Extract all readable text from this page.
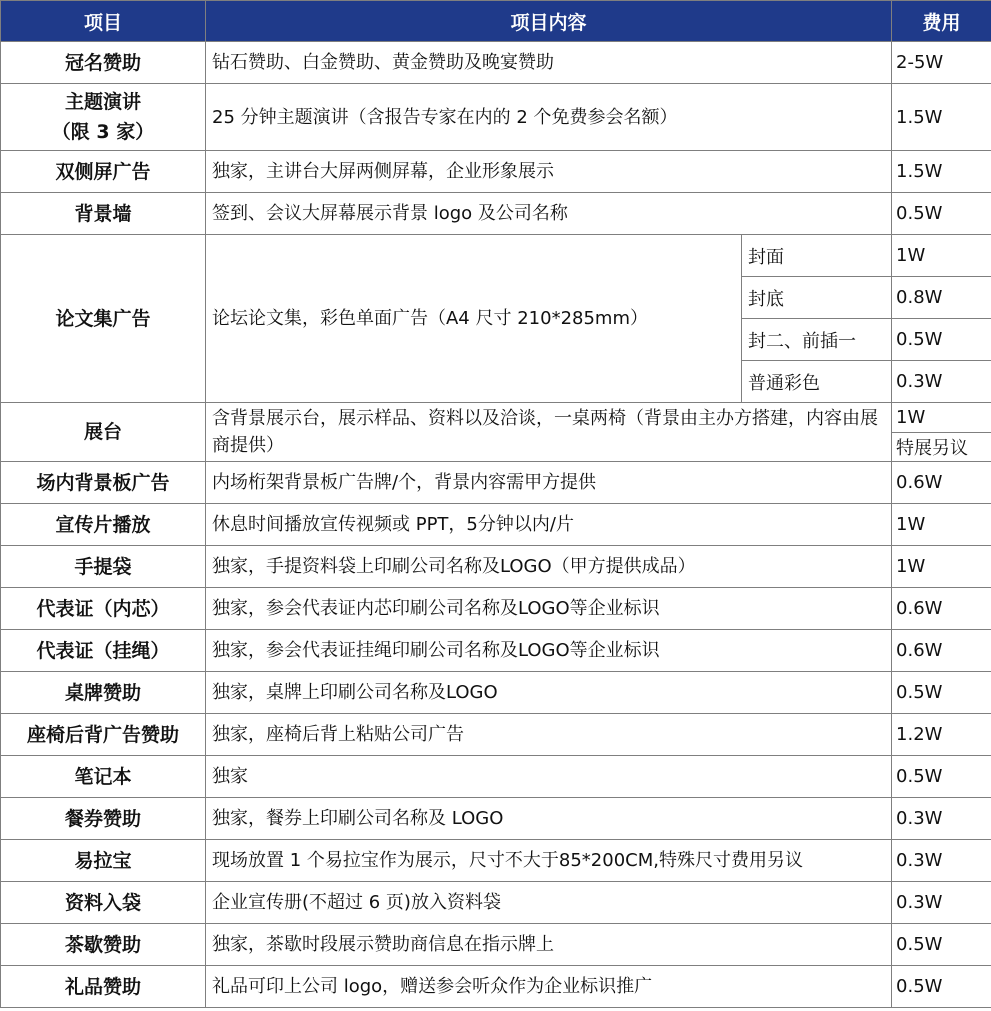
项目	项目内容		费用
冠名赞助	钻石赞助、白金赞助、黄金赞助及晚宴赞助		2-5W

主题演讲
（限 3 家）	25 分钟主题演讲（含报告专家在内的 2 个免费参会名额）		1.5W
双侧屏广告	独家，主讲台大屏两侧屏幕，企业形象展示		1.5W
背景墙	签到、会议大屏幕展示背景 logo 及公司名称		0.5W
论文集广告	论坛论文集，彩色单面广告（A4 尺寸 210*285mm）	封面	1W
		封底	0.8W
		封二、前插一	0.5W
		普通彩色	0.3W
展台	含背景展示台，展示样品、资料以及洽谈，一桌两椅（背景由主办方搭建，内容由展商提供）		1W
			特展另议
场内背景板广告	内场桁架背景板广告牌/个，背景内容需甲方提供		0.6W
宣传片播放	休息时间播放宣传视频或 PPT，5分钟以内/片		1W
手提袋	独家，手提资料袋上印刷公司名称及LOGO（甲方提供成品）		1W
代表证（内芯）	独家，参会代表证内芯印刷公司名称及LOGO等企业标识		0.6W
代表证（挂绳）	独家，参会代表证挂绳印刷公司名称及LOGO等企业标识		0.6W
桌牌赞助	独家，桌牌上印刷公司名称及LOGO		0.5W
座椅后背广告赞助	独家，座椅后背上粘贴公司广告		1.2W
笔记本	独家		0.5W
餐券赞助	独家，餐券上印刷公司名称及 LOGO		0.3W
易拉宝	现场放置 1 个易拉宝作为展示，尺寸不大于85*200CM,特殊尺寸费用另议		0.3W
资料入袋	企业宣传册(不超过 6 页)放入资料袋		0.3W
茶歇赞助	独家，茶歇时段展示赞助商信息在指示牌上		0.5W
礼品赞助	礼品可印上公司 logo，赠送参会听众作为企业标识推广		0.5W
